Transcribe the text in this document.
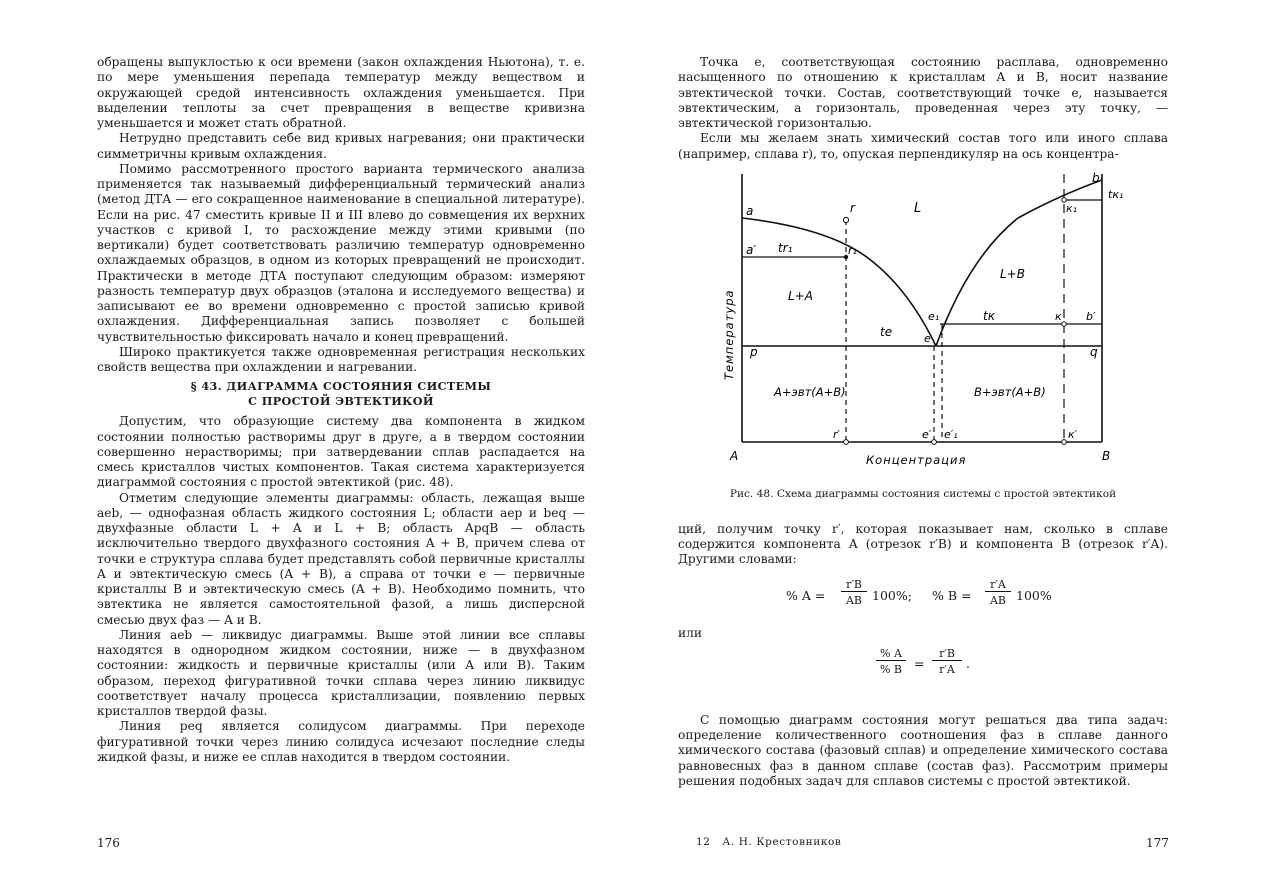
обращены выпуклостью к оси времени (закон охлаждения Ньютона), т. е. по мере уменьшения перепада температур между веществом и окружающей средой интенсивность охлаждения уменьшается. При выделении теплоты за счет превращения в веществе кривизна уменьшается и может стать обратной.

Нетрудно представить себе вид кривых нагревания; они практически симметричны кривым охлаждения.

Помимо рассмотренного простого варианта термического анализа применяется так называемый дифференциальный термический анализ (метод ДТА — его сокращенное наименование в специальной литературе). Если на рис. 47 сместить кривые II и III влево до совмещения их верхних участков с кривой I, то расхождение между этими кривыми (по вертикали) будет соответствовать различию температур одновременно охлаждаемых образцов, в одном из которых превращений не происходит. Практически в методе ДТА поступают следующим образом: измеряют разность температур двух образцов (эталона и исследуемого вещества) и записывают ее во времени одновременно с простой записью кривой охлаждения. Дифференциальная запись позволяет с большей чувствительностью фиксировать начало и конец превращений.

Широко практикуется также одновременная регистрация нескольких свойств вещества при охлаждении и нагревании.

§ 43. ДИАГРАММА СОСТОЯНИЯ СИСТЕМЫ
С ПРОСТОЙ ЭВТЕКТИКОЙ

Допустим, что образующие систему два компонента в жидком состоянии полностью растворимы друг в друге, а в твердом состоянии совершенно нерастворимы; при затвердевании сплав распадается на смесь кристаллов чистых компонентов. Такая система характеризуется диаграммой состояния с простой эвтектикой (рис. 48).

Отметим следующие элементы диаграммы: область, лежащая выше aeb, — однофазная область жидкого состояния L; области aep и beq — двухфазные области L + A и L + B; область ApqB — область исключительно твердого двухфазного состояния A + B, причем слева от точки e структура сплава будет представлять собой первичные кристаллы A и эвтектическую смесь (A + B), а справа от точки e — первичные кристаллы B и эвтектическую смесь (A + B). Необходимо помнить, что эвтектика не является самостоятельной фазой, а лишь дисперсной смесью двух фаз — A и B.

Линия aeb — ликвидус диаграммы. Выше этой линии все сплавы находятся в однородном жидком состоянии, ниже — в двухфазном состоянии: жидкость и первичные кристаллы (или A или B). Таким образом, переход фигуративной точки сплава через линию ликвидус соответствует началу процесса кристаллизации, появлению первых кристаллов твердой фазы.

Линия peq является солидусом диаграммы. При переходе фигуративной точки через линию солидуса исчезают последние следы жидкой фазы, и ниже ее сплав находится в твердом состоянии.

176

Точка e, соответствующая состоянию расплава, одновременно насыщенного по отношению к кристаллам A и B, носит название эвтектической точки. Состав, соответствующий точке e, называется эвтектическим, а горизонталь, проведенная через эту точку, — эвтектической горизонталью.

Если мы желаем знать химический состав того или иного сплава (например, сплава r), то, опуская перпендикуляр на ось концентра-

a
a′
b
r
r₁
tr₁
L
L+A
L+B
e
e₁
tе
tк	к b′
к₁
tк₁
p	q
A+эвт(A+B)	B+эвт(A+B)
r′	e′ e′₁	к′
A	B
Концентрация
Температура

Рис. 48. Схема диаграммы состояния системы с простой эвтектикой

ций, получим точку r′, которая показывает нам, сколько в сплаве содержится компонента A (отрезок r′B) и компонента B (отрезок r′A). Другими словами:

% A =
r′B
AB 100%; % B =
r′A
AB 100%

или

% A
% B =
r′B
r′A .

С помощью диаграмм состояния могут решаться два типа задач: определение количественного соотношения фаз в сплаве данного химического состава (фазовый сплав) и определение химического состава равновесных фаз в данном сплаве (состав фаз). Рассмотрим примеры решения подобных задач для сплавов системы с простой эвтектикой.

12   А. Н. Крестовников	177
